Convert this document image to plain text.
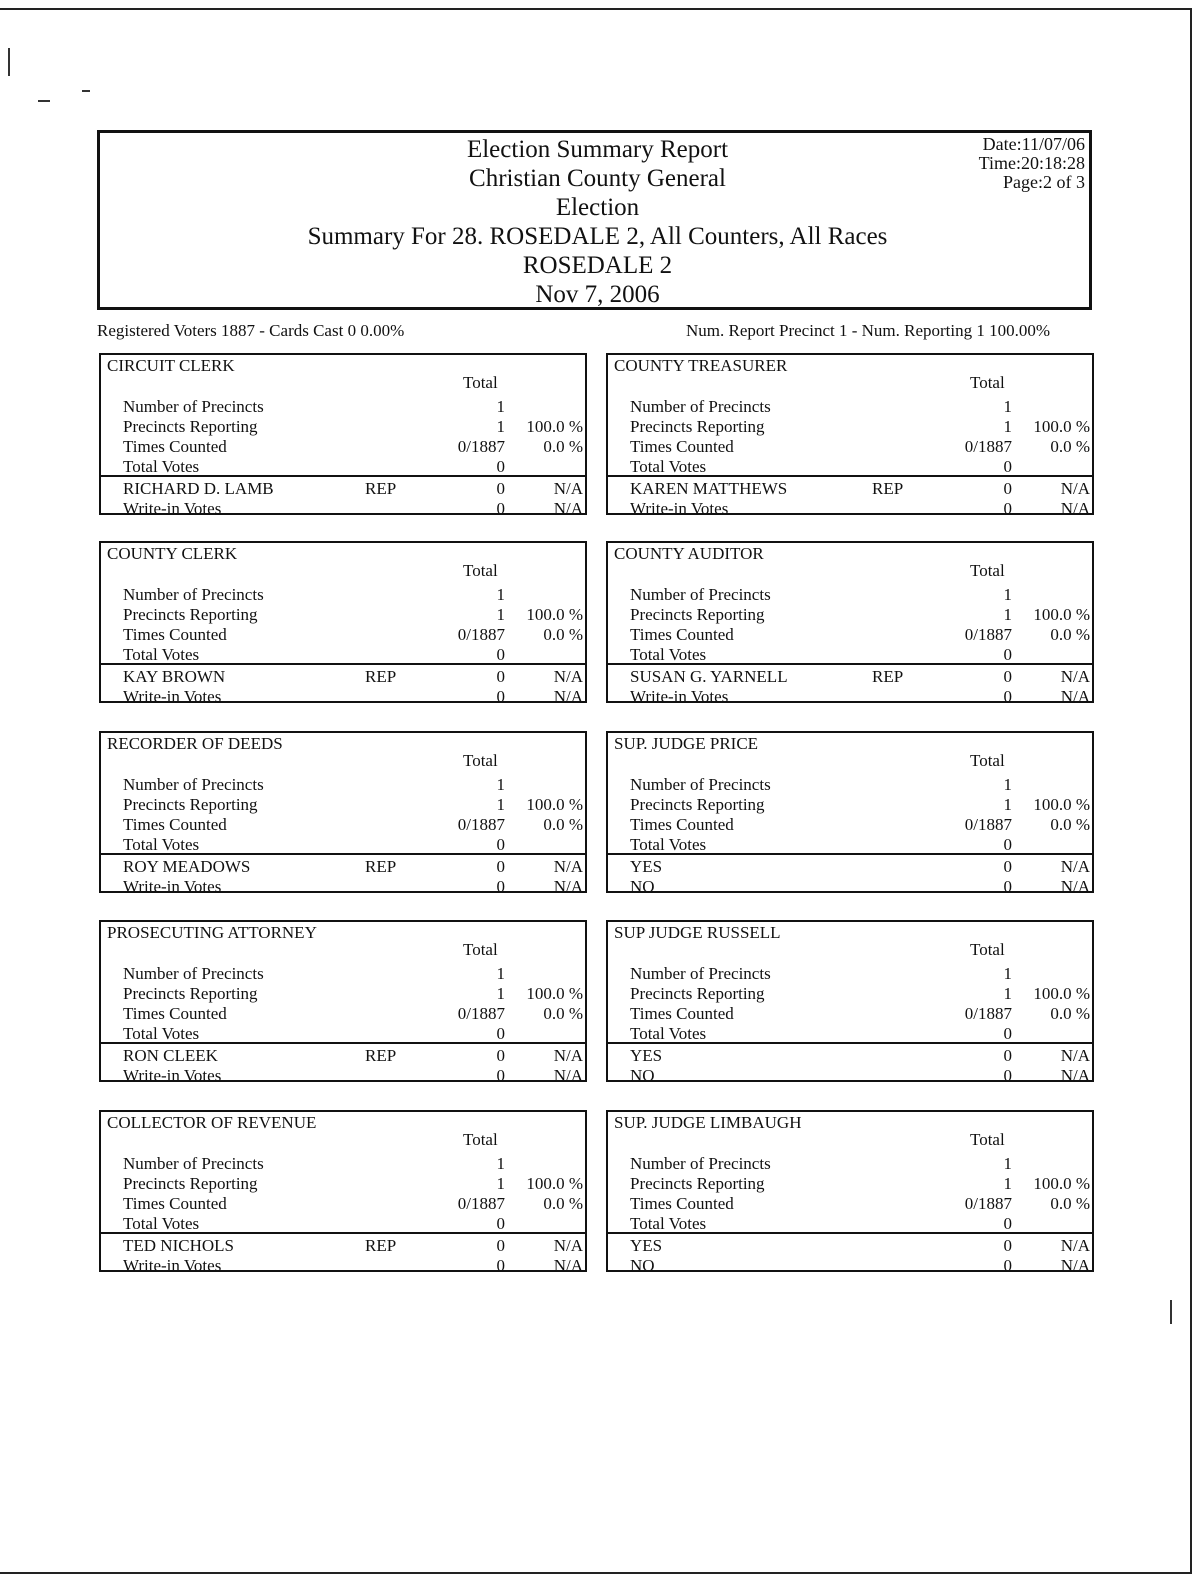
Election Summary Report
Christian County General
Election
Summary For 28. ROSEDALE 2, All Counters, All Races
ROSEDALE 2
Nov 7, 2006
Date:11/07/06
Time:20:18:28
Page:2 of 3
Registered Voters 1887 - Cards Cast 0 0.00%	Num. Report Precinct 1 - Num. Reporting 1 100.00%
CIRCUIT CLERK
Total
Number of Precincts	1
Precincts Reporting	1 100.0 %
Times Counted	0/1887 0.0 %
Total Votes	0
RICHARD D. LAMB	REP	0	N/A
Write-in Votes	0	N/A
COUNTY TREASURER
Total
Number of Precincts	1
Precincts Reporting	1 100.0 %
Times Counted	0/1887 0.0 %
Total Votes	0
KAREN MATTHEWS	REP	0	N/A
Write-in Votes	0	N/A
COUNTY CLERK
Total
Number of Precincts	1
Precincts Reporting	1 100.0 %
Times Counted	0/1887 0.0 %
Total Votes	0
KAY BROWN	REP	0	N/A
Write-in Votes	0	N/A
COUNTY AUDITOR
Total
Number of Precincts	1
Precincts Reporting	1 100.0 %
Times Counted	0/1887 0.0 %
Total Votes	0
SUSAN G. YARNELL	REP	0	N/A
Write-in Votes	0	N/A
RECORDER OF DEEDS
Total
Number of Precincts	1
Precincts Reporting	1 100.0 %
Times Counted	0/1887 0.0 %
Total Votes	0
ROY MEADOWS	REP	0	N/A
Write-in Votes	0	N/A
SUP. JUDGE PRICE
Total
Number of Precincts	1
Precincts Reporting	1 100.0 %
Times Counted	0/1887 0.0 %
Total Votes	0
YES	0	N/A
NO	0	N/A
PROSECUTING ATTORNEY
Total
Number of Precincts	1
Precincts Reporting	1 100.0 %
Times Counted	0/1887 0.0 %
Total Votes	0
RON CLEEK	REP	0	N/A
Write-in Votes	0	N/A
SUP JUDGE RUSSELL
Total
Number of Precincts	1
Precincts Reporting	1 100.0 %
Times Counted	0/1887 0.0 %
Total Votes	0
YES	0	N/A
NO	0	N/A
COLLECTOR OF REVENUE
Total
Number of Precincts	1
Precincts Reporting	1 100.0 %
Times Counted	0/1887 0.0 %
Total Votes	0
TED NICHOLS	REP	0	N/A
Write-in Votes	0	N/A
SUP. JUDGE LIMBAUGH
Total
Number of Precincts	1
Precincts Reporting	1 100.0 %
Times Counted	0/1887 0.0 %
Total Votes	0
YES	0	N/A
NO	0	N/A
